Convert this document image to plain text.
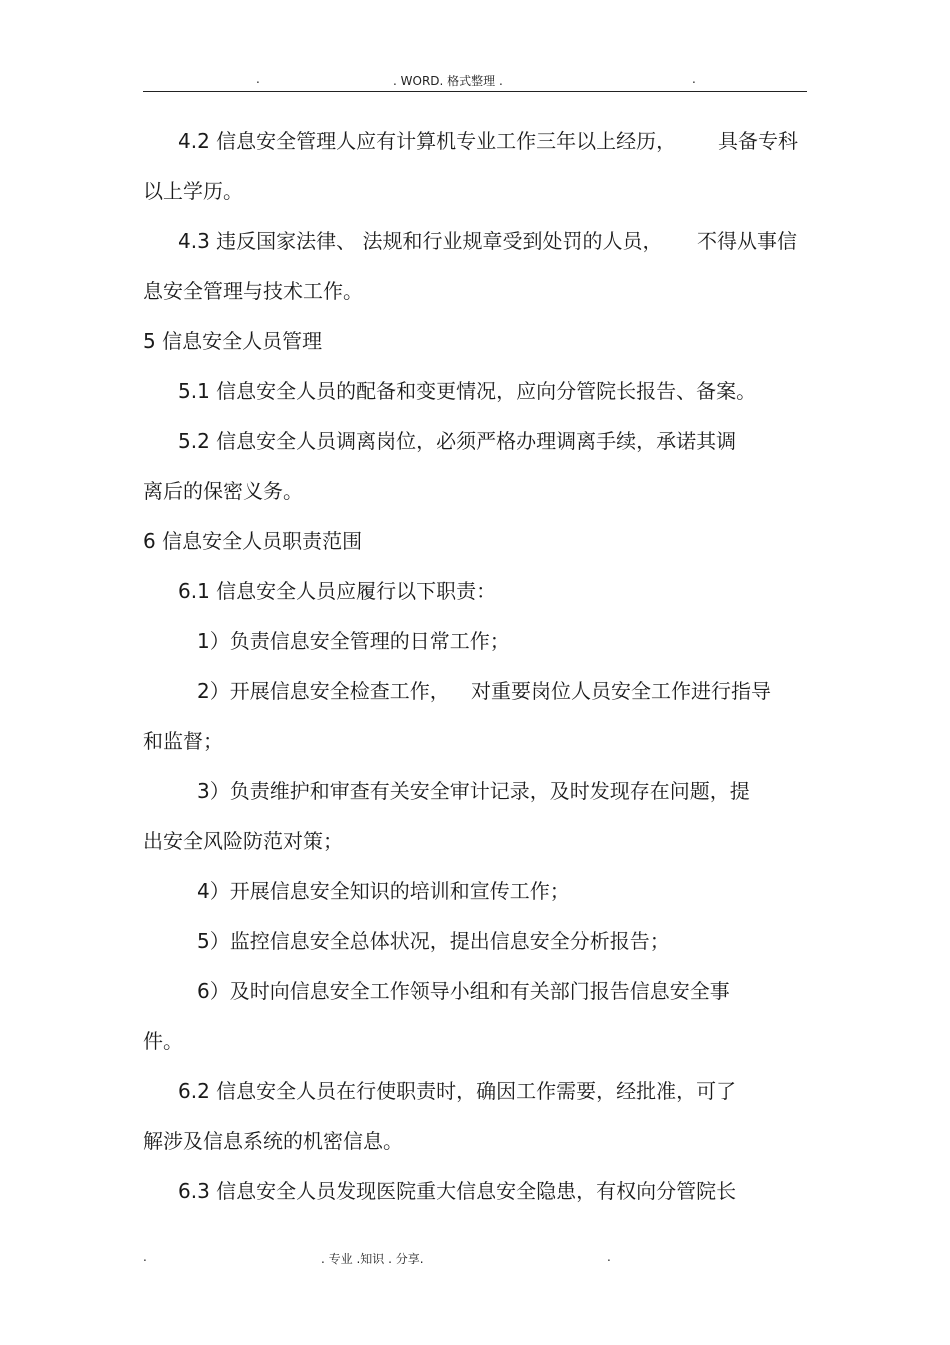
.	. WORD. 格式整理 .	.
4.2 信息安全管理人应有计算机专业工作三年以上经历， 具备专科
以上学历。
4.3 违反国家法律、 法规和行业规章受到处罚的人员， 不得从事信
息安全管理与技术工作。
5 信息安全人员管理
5.1 信息安全人员的配备和变更情况，应向分管院长报告、备案。
5.2 信息安全人员调离岗位，必须严格办理调离手续，承诺其调
离后的保密义务。
6 信息安全人员职责范围
6.1 信息安全人员应履行以下职责：
1）负责信息安全管理的日常工作；
2）开展信息安全检查工作， 对重要岗位人员安全工作进行指导
和监督；
3）负责维护和审查有关安全审计记录，及时发现存在问题，提
出安全风险防范对策；
4）开展信息安全知识的培训和宣传工作；
5）监控信息安全总体状况，提出信息安全分析报告；
6）及时向信息安全工作领导小组和有关部门报告信息安全事
件。
6.2 信息安全人员在行使职责时，确因工作需要，经批准，可了
解涉及信息系统的机密信息。
6.3 信息安全人员发现医院重大信息安全隐患，有权向分管院长
.	. 专业 .知识 . 分享.	.
